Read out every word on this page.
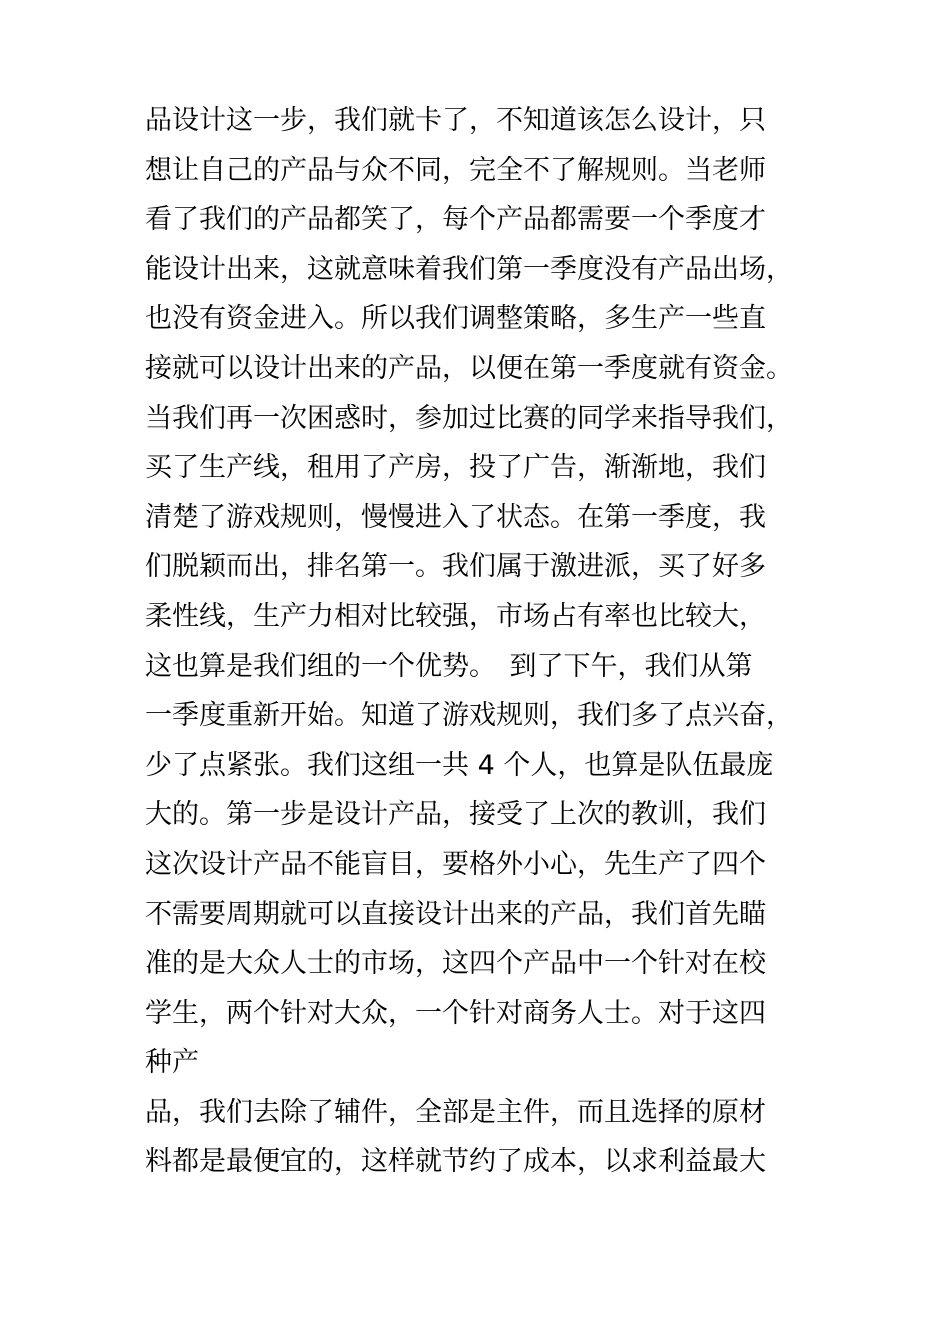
品设计这一步，我们就卡了，不知道该怎么设计，只
想让自己的产品与众不同，完全不了解规则。当老师
看了我们的产品都笑了，每个产品都需要一个季度才
能设计出来，这就意味着我们第一季度没有产品出场，
也没有资金进入。所以我们调整策略，多生产一些直
接就可以设计出来的产品，以便在第一季度就有资金。
当我们再一次困惑时，参加过比赛的同学来指导我们，
买了生产线，租用了产房，投了广告，渐渐地，我们
清楚了游戏规则，慢慢进入了状态。在第一季度，我
们脱颖而出，排名第一。我们属于激进派，买了好多
柔性线，生产力相对比较强，市场占有率也比较大，
这也算是我们组的一个优势。　到了下午，我们从第
一季度重新开始。知道了游戏规则，我们多了点兴奋，
少了点紧张。我们这组一共 4 个人，也算是队伍最庞
大的。第一步是设计产品，接受了上次的教训，我们
这次设计产品不能盲目，要格外小心，先生产了四个
不需要周期就可以直接设计出来的产品，我们首先瞄
准的是大众人士的市场，这四个产品中一个针对在校
学生，两个针对大众，一个针对商务人士。对于这四
种产
品，我们去除了辅件，全部是主件，而且选择的原材
料都是最便宜的，这样就节约了成本，以求利益最大
